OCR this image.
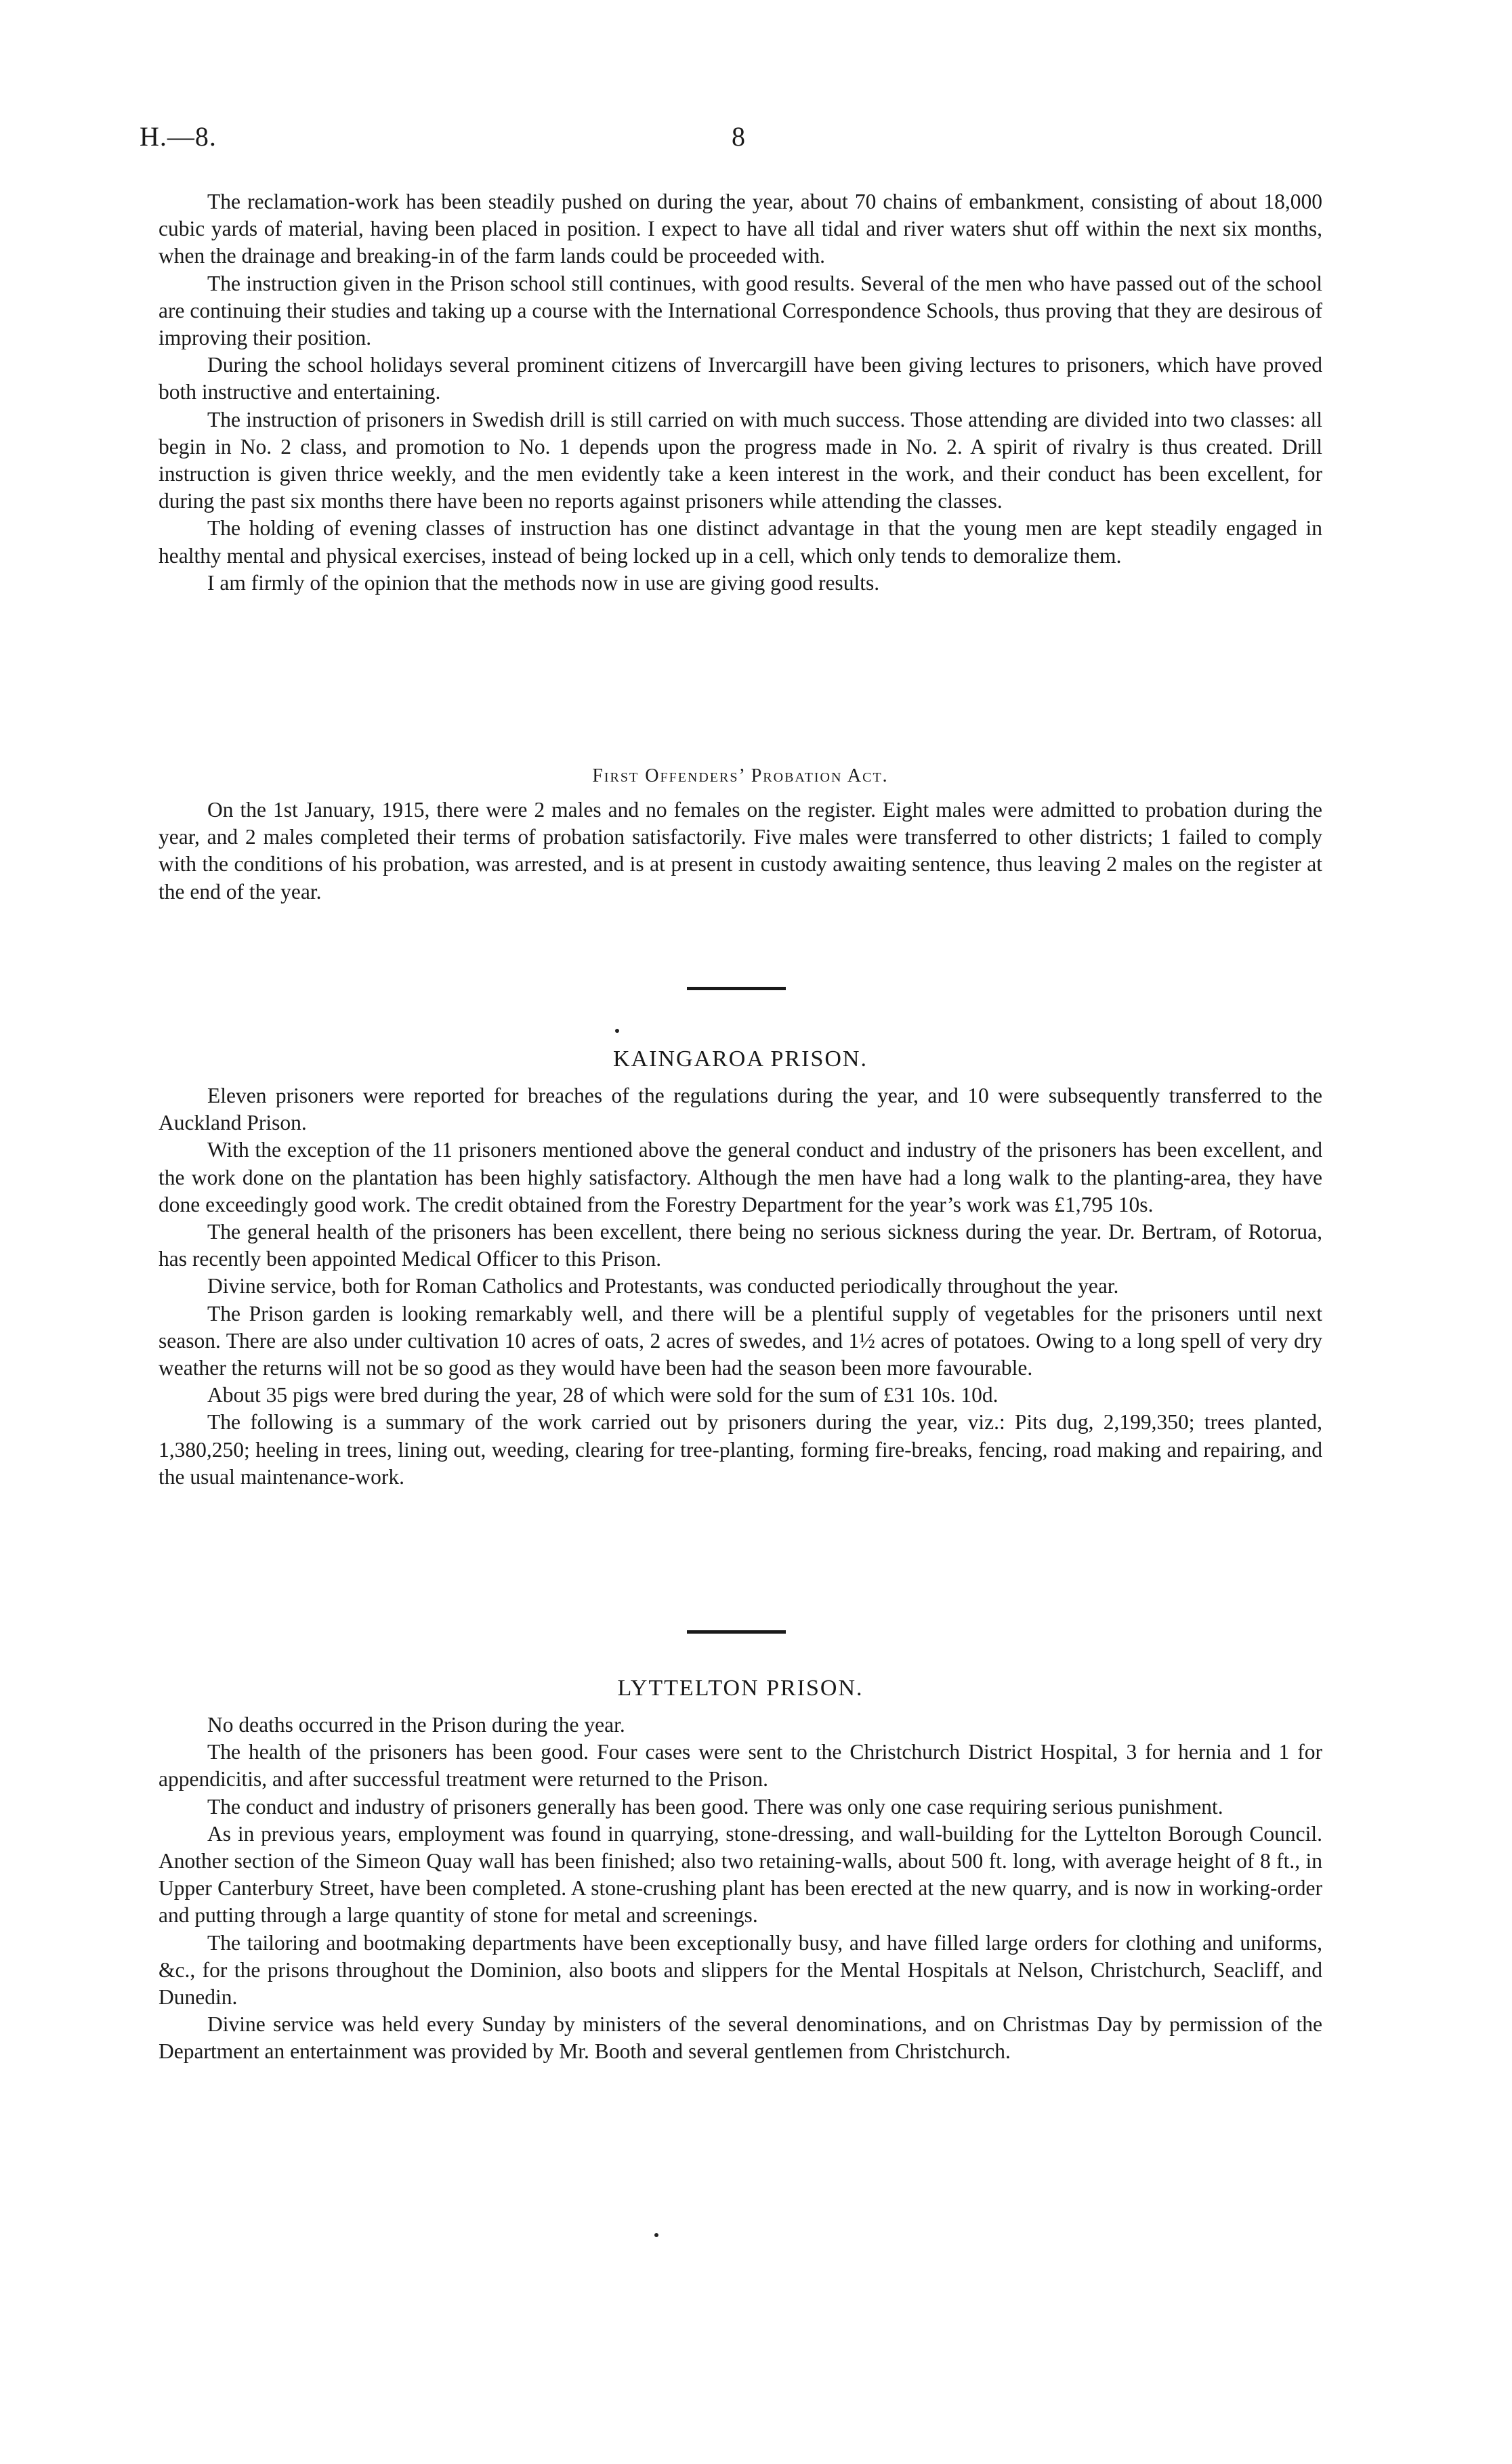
H.—8.	8

The reclamation-work has been steadily pushed on during the year, about 70 chains of embankment, consisting of about 18,000 cubic yards of material, having been placed in position. I expect to have all tidal and river waters shut off within the next six months, when the drainage and breaking-in of the farm lands could be proceeded with.

The instruction given in the Prison school still continues, with good results. Several of the men who have passed out of the school are continuing their studies and taking up a course with the International Correspondence Schools, thus proving that they are desirous of improving their position.

During the school holidays several prominent citizens of Invercargill have been giving lectures to prisoners, which have proved both instructive and entertaining.

The instruction of prisoners in Swedish drill is still carried on with much success. Those attending are divided into two classes: all begin in No. 2 class, and promotion to No. 1 depends upon the progress made in No. 2. A spirit of rivalry is thus created. Drill instruction is given thrice weekly, and the men evidently take a keen interest in the work, and their conduct has been excellent, for during the past six months there have been no reports against prisoners while attending the classes.

The holding of evening classes of instruction has one distinct advantage in that the young men are kept steadily engaged in healthy mental and physical exercises, instead of being locked up in a cell, which only tends to demoralize them.

I am firmly of the opinion that the methods now in use are giving good results.

First Offenders’ Probation Act.

On the 1st January, 1915, there were 2 males and no females on the register. Eight males were admitted to probation during the year, and 2 males completed their terms of probation satisfactorily. Five males were transferred to other districts; 1 failed to comply with the conditions of his probation, was arrested, and is at present in custody awaiting sentence, thus leaving 2 males on the register at the end of the year.

KAINGAROA PRISON.

Eleven prisoners were reported for breaches of the regulations during the year, and 10 were subsequently transferred to the Auckland Prison.

With the exception of the 11 prisoners mentioned above the general conduct and industry of the prisoners has been excellent, and the work done on the plantation has been highly satisfactory. Although the men have had a long walk to the planting-area, they have done exceedingly good work. The credit obtained from the Forestry Department for the year’s work was £1,795 10s.

The general health of the prisoners has been excellent, there being no serious sickness during the year. Dr. Bertram, of Rotorua, has recently been appointed Medical Officer to this Prison.

Divine service, both for Roman Catholics and Protestants, was conducted periodically throughout the year.

The Prison garden is looking remarkably well, and there will be a plentiful supply of vegetables for the prisoners until next season. There are also under cultivation 10 acres of oats, 2 acres of swedes, and 1½ acres of potatoes. Owing to a long spell of very dry weather the returns will not be so good as they would have been had the season been more favourable.

About 35 pigs were bred during the year, 28 of which were sold for the sum of £31 10s. 10d.

The following is a summary of the work carried out by prisoners during the year, viz.: Pits dug, 2,199,350; trees planted, 1,380,250; heeling in trees, lining out, weeding, clearing for tree-planting, forming fire-breaks, fencing, road making and repairing, and the usual maintenance-work.

LYTTELTON PRISON.

No deaths occurred in the Prison during the year.

The health of the prisoners has been good. Four cases were sent to the Christchurch District Hospital, 3 for hernia and 1 for appendicitis, and after successful treatment were returned to the Prison.

The conduct and industry of prisoners generally has been good. There was only one case requiring serious punishment.

As in previous years, employment was found in quarrying, stone-dressing, and wall-building for the Lyttelton Borough Council. Another section of the Simeon Quay wall has been finished; also two retaining-walls, about 500 ft. long, with average height of 8 ft., in Upper Canterbury Street, have been completed. A stone-crushing plant has been erected at the new quarry, and is now in working-order and putting through a large quantity of stone for metal and screenings.

The tailoring and bootmaking departments have been exceptionally busy, and have filled large orders for clothing and uniforms, &c., for the prisons throughout the Dominion, also boots and slippers for the Mental Hospitals at Nelson, Christchurch, Seacliff, and Dunedin.

Divine service was held every Sunday by ministers of the several denominations, and on Christmas Day by permission of the Department an entertainment was provided by Mr. Booth and several gentlemen from Christchurch.
